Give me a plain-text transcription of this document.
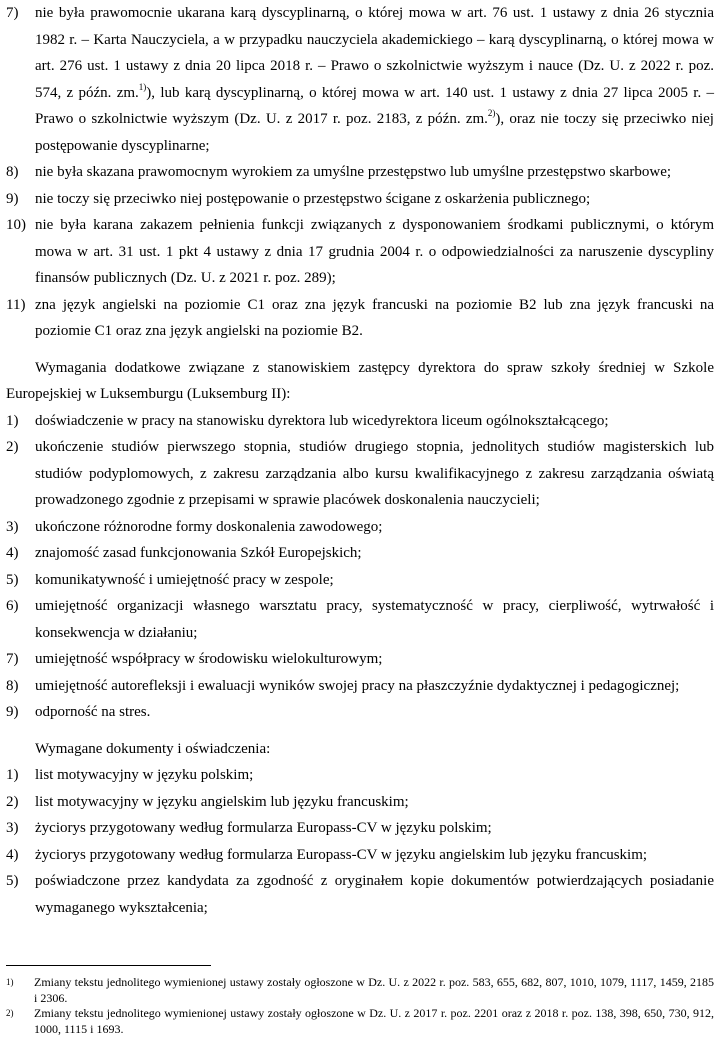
7) nie była prawomocnie ukarana karą dyscyplinarną, o której mowa w art. 76 ust. 1 ustawy z dnia 26 stycznia 1982 r. – Karta Nauczyciela, a w przypadku nauczyciela akademickiego – karą dyscyplinarną, o której mowa w art. 276 ust. 1 ustawy z dnia 20 lipca 2018 r. – Prawo o szkolnictwie wyższym i nauce (Dz. U. z 2022 r. poz. 574, z późn. zm.$^{1)}$), lub karą dyscyplinarną, o której mowa w art. 140 ust. 1 ustawy z dnia 27 lipca 2005 r. – Prawo o szkolnictwie wyższym (Dz. U. z 2017 r. poz. 2183, z późn. zm.$^{2)}$), oraz nie toczy się przeciwko niej postępowanie dyscyplinarne;
8) nie była skazana prawomocnym wyrokiem za umyślne przestępstwo lub umyślne przestępstwo skarbowe;
9) nie toczy się przeciwko niej postępowanie o przestępstwo ścigane z oskarżenia publicznego;
10) nie była karana zakazem pełnienia funkcji związanych z dysponowaniem środkami publicznymi, o którym mowa w art. 31 ust. 1 pkt 4 ustawy z dnia 17 grudnia 2004 r. o odpowiedzialności za naruszenie dyscypliny finansów publicznych (Dz. U. z 2021 r. poz. 289);
11) zna język angielski na poziomie C1 oraz zna język francuski na poziomie B2 lub zna język francuski na poziomie C1 oraz zna język angielski na poziomie B2.

Wymagania dodatkowe związane z stanowiskiem zastępcy dyrektora do spraw szkoły średniej w Szkole Europejskiej w Luksemburgu (Luksemburg II):

1) doświadczenie w pracy na stanowisku dyrektora lub wicedyrektora liceum ogólnokształcącego;
2) ukończenie studiów pierwszego stopnia, studiów drugiego stopnia, jednolitych studiów magisterskich lub studiów podyplomowych, z zakresu zarządzania albo kursu kwalifikacyjnego z zakresu zarządzania oświatą prowadzonego zgodnie z przepisami w sprawie placówek doskonalenia nauczycieli;
3) ukończone różnorodne formy doskonalenia zawodowego;
4) znajomość zasad funkcjonowania Szkół Europejskich;
5) komunikatywność i umiejętność pracy w zespole;
6) umiejętność organizacji własnego warsztatu pracy, systematyczność w pracy, cierpliwość, wytrwałość i konsekwencja w działaniu;
7) umiejętność współpracy w środowisku wielokulturowym;
8) umiejętność autorefleksji i ewaluacji wyników swojej pracy na płaszczyźnie dydaktycznej i pedagogicznej;
9) odporność na stres.

Wymagane dokumenty i oświadczenia:

1) list motywacyjny w języku polskim;
2) list motywacyjny w języku angielskim lub języku francuskim;
3) życiorys przygotowany według formularza Europass-CV w języku polskim;
4) życiorys przygotowany według formularza Europass-CV w języku angielskim lub języku francuskim;
5) poświadczone przez kandydata za zgodność z oryginałem kopie dokumentów potwierdzających posiadanie wymaganego wykształcenia;
1) Zmiany tekstu jednolitego wymienionej ustawy zostały ogłoszone w Dz. U. z 2022 r. poz. 583, 655, 682, 807, 1010, 1079, 1117, 1459, 2185 i 2306.
2) Zmiany tekstu jednolitego wymienionej ustawy zostały ogłoszone w Dz. U. z 2017 r. poz. 2201 oraz z 2018 r. poz. 138, 398, 650, 730, 912, 1000, 1115 i 1693.
